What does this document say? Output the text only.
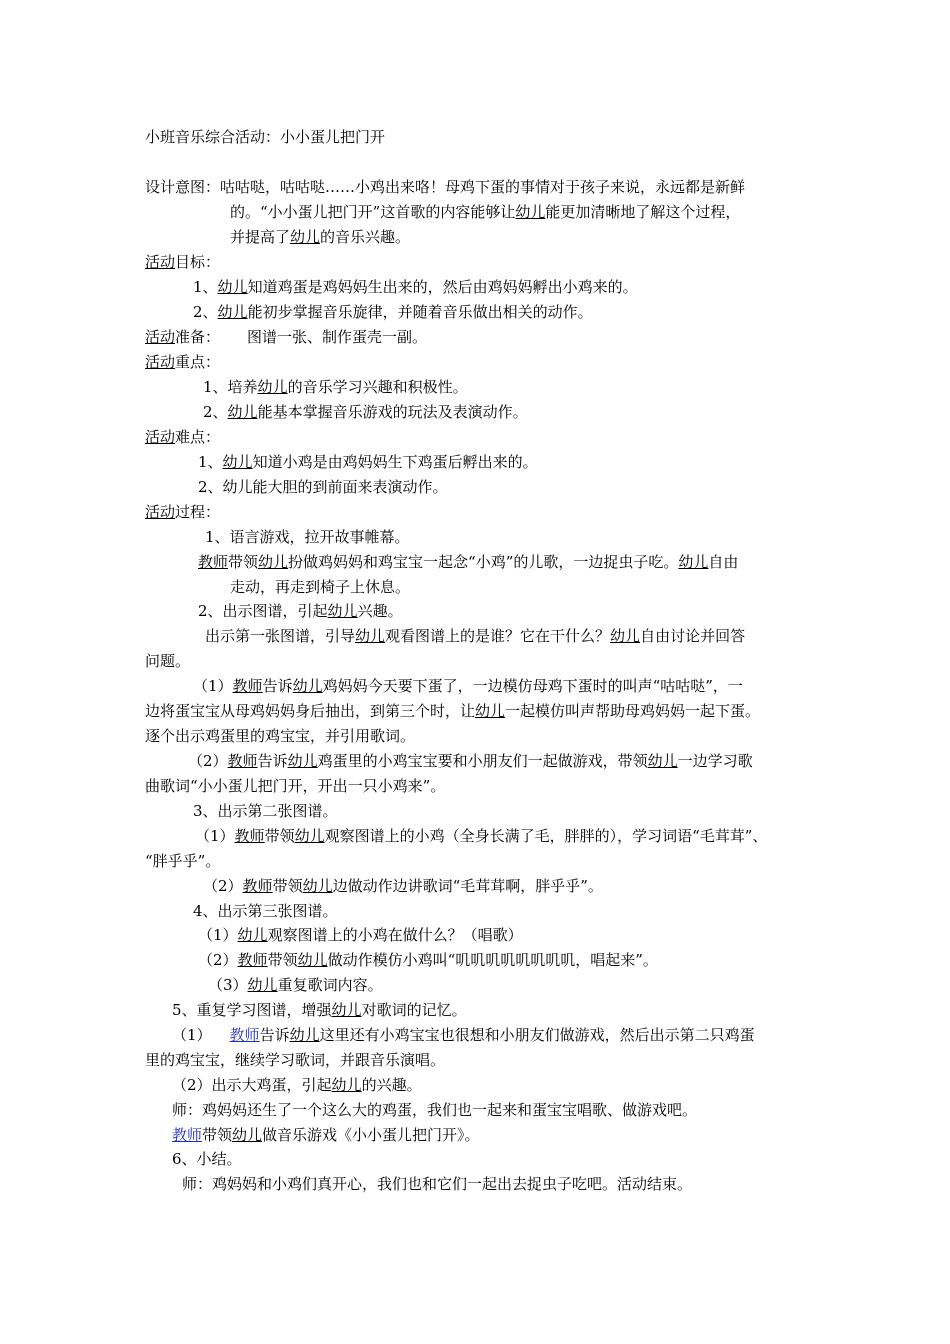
小班音乐综合活动：小小蛋儿把门开
设计意图：咕咕哒，咕咕哒……小鸡出来咯！母鸡下蛋的事情对于孩子来说，永远都是新鲜
的。“小小蛋儿把门开”这首歌的内容能够让幼儿能更加清晰地了解这个过程，
并提高了幼儿的音乐兴趣。
活动目标：
1、幼儿知道鸡蛋是鸡妈妈生出来的，然后由鸡妈妈孵出小鸡来的。
2、幼儿能初步掌握音乐旋律，并随着音乐做出相关的动作。
活动准备： 图谱一张、制作蛋壳一副。
活动重点：
1、培养幼儿的音乐学习兴趣和积极性。
2、幼儿能基本掌握音乐游戏的玩法及表演动作。
活动难点：
1、幼儿知道小鸡是由鸡妈妈生下鸡蛋后孵出来的。
2、幼儿能大胆的到前面来表演动作。
活动过程：
1、语言游戏，拉开故事帷幕。
教师带领幼儿扮做鸡妈妈和鸡宝宝一起念“小鸡”的儿歌，一边捉虫子吃。幼儿自由
走动，再走到椅子上休息。
2、出示图谱，引起幼儿兴趣。
出示第一张图谱，引导幼儿观看图谱上的是谁？它在干什么？幼儿自由讨论并回答
问题。
（1）教师告诉幼儿鸡妈妈今天要下蛋了，一边模仿母鸡下蛋时的叫声“咕咕哒”，一
边将蛋宝宝从母鸡妈妈身后抽出，到第三个时，让幼儿一起模仿叫声帮助母鸡妈妈一起下蛋。
逐个出示鸡蛋里的鸡宝宝，并引用歌词。
（2）教师告诉幼儿鸡蛋里的小鸡宝宝要和小朋友们一起做游戏，带领幼儿一边学习歌
曲歌词“小小蛋儿把门开，开出一只小鸡来”。
3、出示第二张图谱。
（1）教师带领幼儿观察图谱上的小鸡（全身长满了毛，胖胖的），学习词语“毛茸茸”、
“胖乎乎”。
（2）教师带领幼儿边做动作边讲歌词“毛茸茸啊，胖乎乎”。
4、出示第三张图谱。
（1）幼儿观察图谱上的小鸡在做什么？（唱歌）
（2）教师带领幼儿做动作模仿小鸡叫“叽叽叽叽叽叽叽叽，唱起来”。
（3）幼儿重复歌词内容。
5、重复学习图谱，增强幼儿对歌词的记忆。
（1） 教师告诉幼儿这里还有小鸡宝宝也很想和小朋友们做游戏，然后出示第二只鸡蛋
里的鸡宝宝，继续学习歌词，并跟音乐演唱。
（2）出示大鸡蛋，引起幼儿的兴趣。
师：鸡妈妈还生了一个这么大的鸡蛋，我们也一起来和蛋宝宝唱歌、做游戏吧。
教师带领幼儿做音乐游戏《小小蛋儿把门开》。
6、小结。
师：鸡妈妈和小鸡们真开心，我们也和它们一起出去捉虫子吃吧。活动结束。
